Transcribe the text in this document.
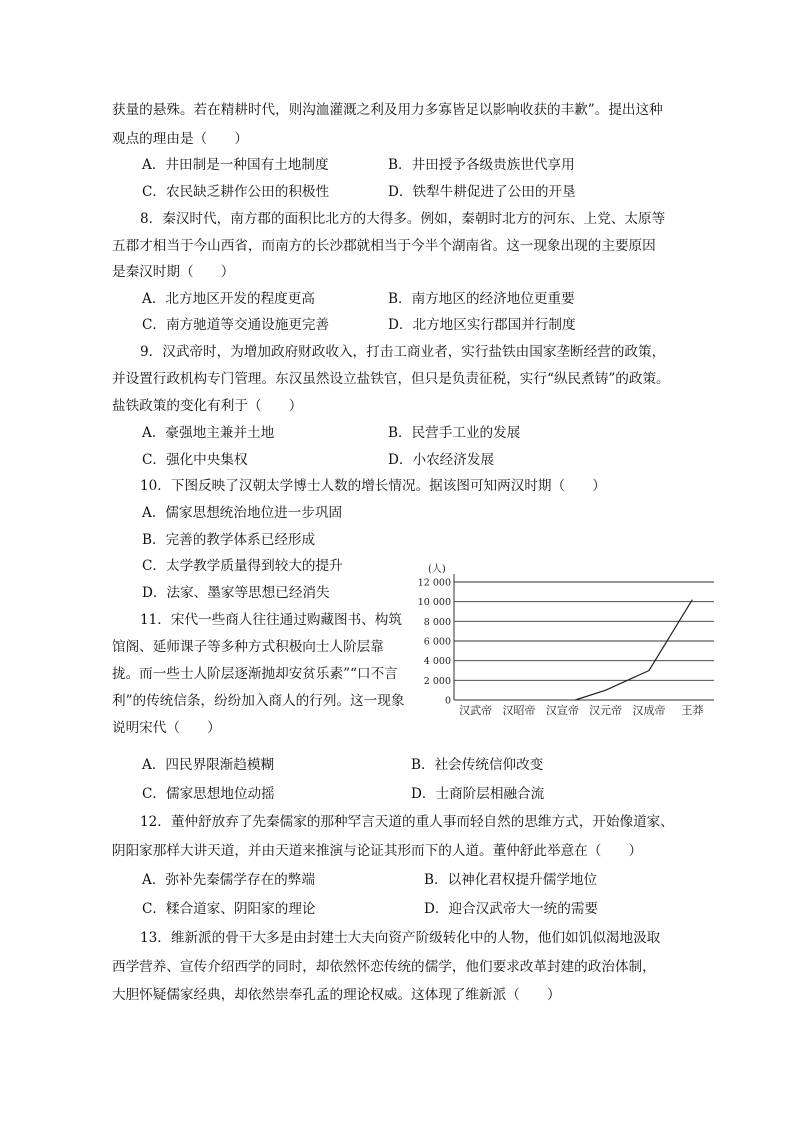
获量的悬殊。若在精耕时代，则沟洫灌溉之利及用力多寡皆足以影响收获的丰歉”。提出这种
观点的理由是（　　）
A．井田制是一种国有土地制度	B．井田授予各级贵族世代享用
C．农民缺乏耕作公田的积极性	D．铁犁牛耕促进了公田的开垦
8．秦汉时代，南方郡的面积比北方的大得多。例如，秦朝时北方的河东、上党、太原等
五郡才相当于今山西省，而南方的长沙郡就相当于今半个湖南省。这一现象出现的主要原因
是秦汉时期（　　）
A．北方地区开发的程度更高	B．南方地区的经济地位更重要
C．南方驰道等交通设施更完善	D．北方地区实行郡国并行制度
9．汉武帝时，为增加政府财政收入，打击工商业者，实行盐铁由国家垄断经营的政策，
并设置行政机构专门管理。东汉虽然设立盐铁官，但只是负责征税，实行“纵民煮铸”的政策。
盐铁政策的变化有利于（　　）
A．豪强地主兼并土地	B．民营手工业的发展
C．强化中央集权	D．小农经济发展
10．下图反映了汉朝太学博士人数的增长情况。据该图可知两汉时期（　　）
A．儒家思想统治地位进一步巩固
B．完善的教学体系已经形成
C．太学教学质量得到较大的提升
D．法家、墨家等思想已经消失
11．宋代一些商人往往通过购藏图书、构筑
馆阁、延师课子等多种方式积极向士人阶层靠
拢。而一些士人阶层逐渐抛却安贫乐素”“口不言
利”的传统信条，纷纷加入商人的行列。这一现象
说明宋代（　　）
A．四民界限渐趋模糊	B．社会传统信仰改变
C．儒家思想地位动摇	D．士商阶层相融合流
12．董仲舒放弃了先秦儒家的那种罕言天道的重人事而轻自然的思维方式，开始像道家、
阴阳家那样大讲天道，并由天道来推演与论证其形而下的人道。董仲舒此举意在（　　）
A．弥补先秦儒学存在的弊端	B．以神化君权提升儒学地位
C．糅合道家、阴阳家的理论	D．迎合汉武帝大一统的需要
13．维新派的骨干大多是由封建士大夫向资产阶级转化中的人物，他们如饥似渴地汲取
西学营养、宣传介绍西学的同时，却依然怀恋传统的儒学，他们要求改革封建的政治体制，
大胆怀疑儒家经典，却依然崇奉孔孟的理论权威。这体现了维新派（　　）
0
2 000
4 000
6 000
8 000
10 000
12 000
汉武帝 汉昭帝 汉宣帝 汉元帝 汉成帝 王莽
(人)
